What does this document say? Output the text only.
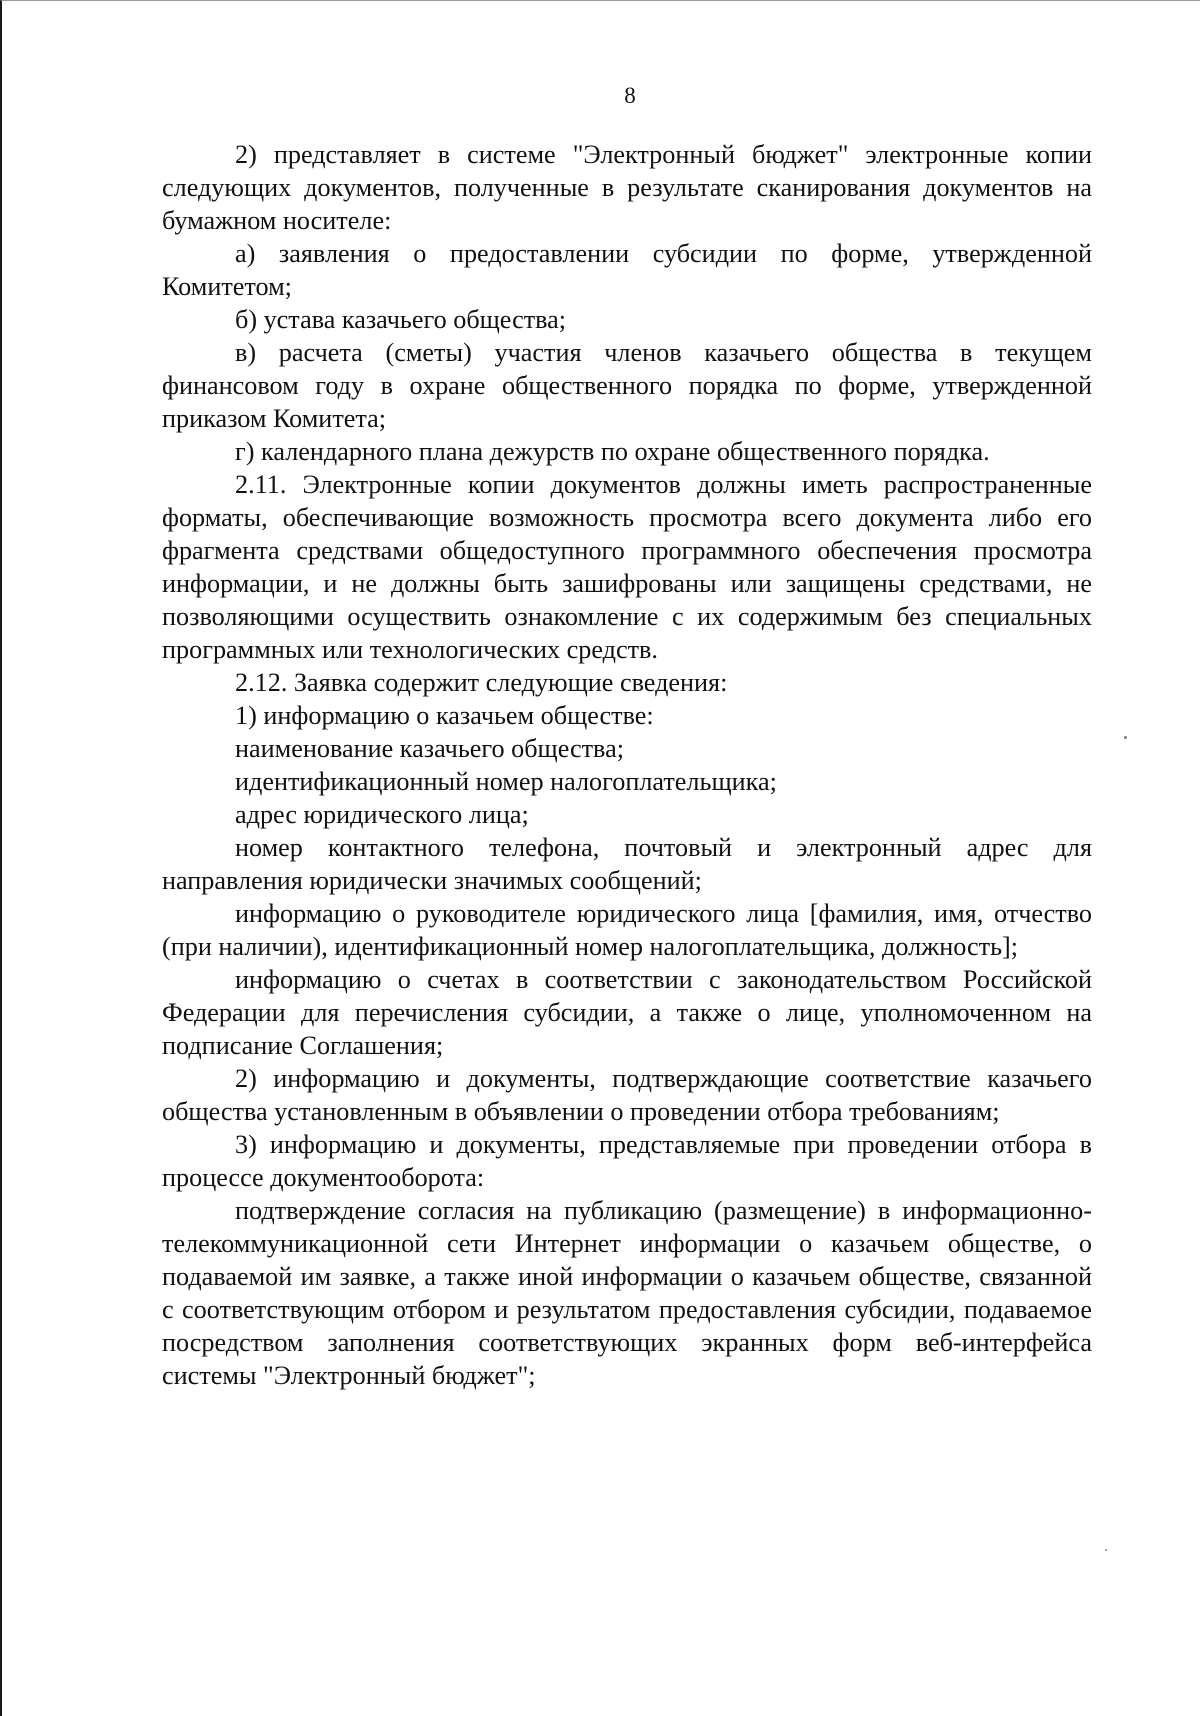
8

2) представляет в системе "Электронный бюджет" электронные копии следующих документов, полученные в результате сканирования документов на бумажном носителе:

а) заявления о предоставлении субсидии по форме, утвержденной Комитетом;

б) устава казачьего общества;

в) расчета (сметы) участия членов казачьего общества в текущем финансовом году в охране общественного порядка по форме, утвержденной приказом Комитета;

г) календарного плана дежурств по охране общественного порядка.

2.11. Электронные копии документов должны иметь распространенные форматы, обеспечивающие возможность просмотра всего документа либо его фрагмента средствами общедоступного программного обеспечения просмотра информации, и не должны быть зашифрованы или защищены средствами, не позволяющими осуществить ознакомление с их содержимым без специальных программных или технологических средств.

2.12. Заявка содержит следующие сведения:

1) информацию о казачьем обществе:

наименование казачьего общества;

идентификационный номер налогоплательщика;

адрес юридического лица;

номер контактного телефона, почтовый и электронный адрес для направления юридически значимых сообщений;

информацию о руководителе юридического лица [фамилия, имя, отчество (при наличии), идентификационный номер налогоплательщика, должность];

информацию о счетах в соответствии с законодательством Российской Федерации для перечисления субсидии, а также о лице, уполномоченном на подписание Соглашения;

2) информацию и документы, подтверждающие соответствие казачьего общества установленным в объявлении о проведении отбора требованиям;

3) информацию и документы, представляемые при проведении отбора в процессе документооборота:

подтверждение согласия на публикацию (размещение) в информационно-телекоммуникационной сети Интернет информации о казачьем обществе, о подаваемой им заявке, а также иной информации о казачьем обществе, связанной с соответствующим отбором и результатом предоставления субсидии, подаваемое посредством заполнения соответствующих экранных форм веб-интерфейса системы "Электронный бюджет";
